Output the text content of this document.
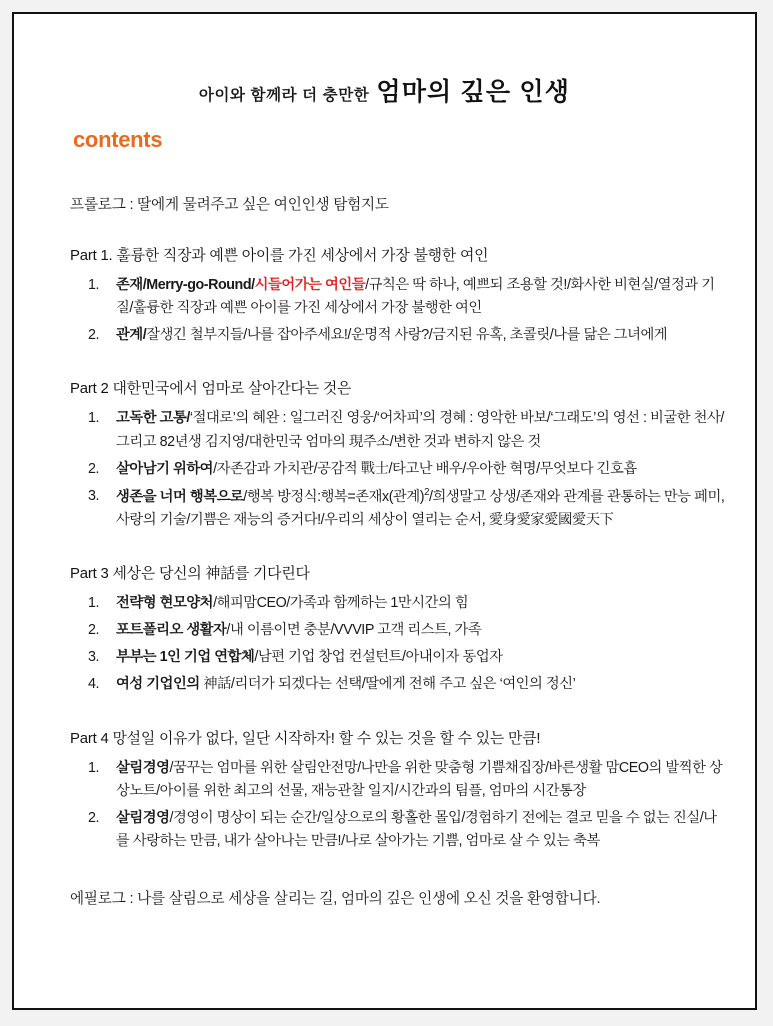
아이와 함께라 더 충만한 엄마의 깊은 인생
contents
프롤로그 : 딸에게 물려주고 싶은 여인인생 탐험지도
Part 1. 훌륭한 직장과 예쁜 아이를 가진 세상에서 가장 불행한 여인
1.	존재/Merry-go-Round/시들어가는 여인들/규칙은 딱 하나, 예쁘되 조용할 것!/화사한 비현실/열정과 기질/훌륭한 직장과 예쁜 아이를 가진 세상에서 가장 불행한 여인
2.	관계/잘생긴 철부지들/나를 잡아주세요!/운명적 사랑?/금지된 유혹, 초콜릿/나를 닮은 그녀에게
Part 2 대한민국에서 엄마로 살아간다는 것은
1.	고독한 고통/‘절대로’의 혜완 : 일그러진 영웅/‘어차피’의 경혜 : 영악한 바보/‘그래도’의 영선 : 비굴한 천사/그리고 82년생 김지영/대한민국 엄마의 現주소/변한 것과 변하지 않은 것
2.	살아남기 위하여/자존감과 가치관/공감적 戰士/타고난 배우/우아한 혁명/무엇보다 긴호흡
3.	생존을 너머 행복으로/행복 방정식:행복=존재x(관계)$^2$/희생말고 상생/존재와 관계를 관통하는 만능 페미, 사랑의 기술/기쁨은 재능의 증거다!/우리의 세상이 열리는 순서, 愛身愛家愛國愛天下
Part 3 세상은 당신의 神話를 기다린다
1.	전략형 현모양처/해피맘CEO/가족과 함께하는 1만시간의 힘
2.	포트폴리오 생활자/내 이름이면 충분/VVVIP 고객 리스트, 가족
3.	부부는 1인 기업 연합체/남편 기업 창업 컨설턴트/아내이자 동업자
4.	여성 기업인의 神話/리더가 되겠다는 선택/딸에게 전해 주고 싶은 ‘여인의 정신’
Part 4 망설일 이유가 없다, 일단 시작하자! 할 수 있는 것을 할 수 있는 만큼!
1.	살림경영/꿈꾸는 엄마를 위한 살림안전망/나만을 위한 맞춤형 기쁨채집장/바른생활 맘CEO의 발찍한 상상노트/아이를 위한 최고의 선물, 재능관찰 일지/시간과의 팀플, 엄마의 시간통장
2.	살림경영/경영이 명상이 되는 순간/일상으로의 황홀한 몰입/경험하기 전에는 결코 믿을 수 없는 진실/나를 사랑하는 만큼, 내가 살아나는 만큼!/나로 살아가는 기쁨, 엄마로 살 수 있는 축복
에필로그 : 나를 살림으로 세상을 살리는 길, 엄마의 깊은 인생에 오신 것을 환영합니다.
